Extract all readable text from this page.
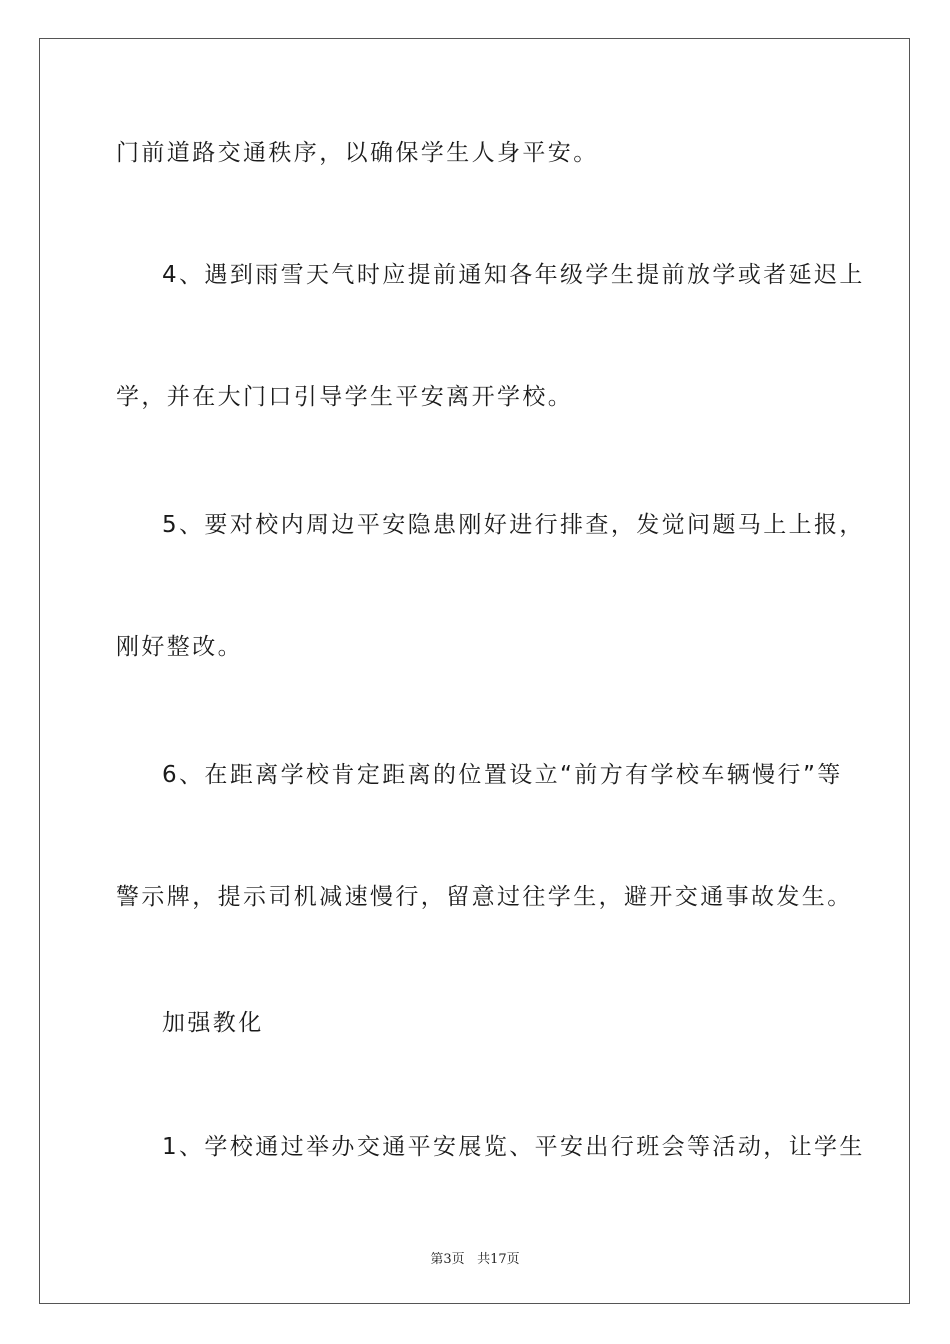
门前道路交通秩序，以确保学生人身平安。

4、遇到雨雪天气时应提前通知各年级学生提前放学或者延迟上

学，并在大门口引导学生平安离开学校。

5、要对校内周边平安隐患刚好进行排查，发觉问题马上上报，

刚好整改。

6、在距离学校肯定距离的位置设立“前方有学校车辆慢行”等

警示牌，提示司机减速慢行，留意过往学生，避开交通事故发生。

加强教化

1、学校通过举办交通平安展览、平安出行班会等活动，让学生

第3页 共17页
